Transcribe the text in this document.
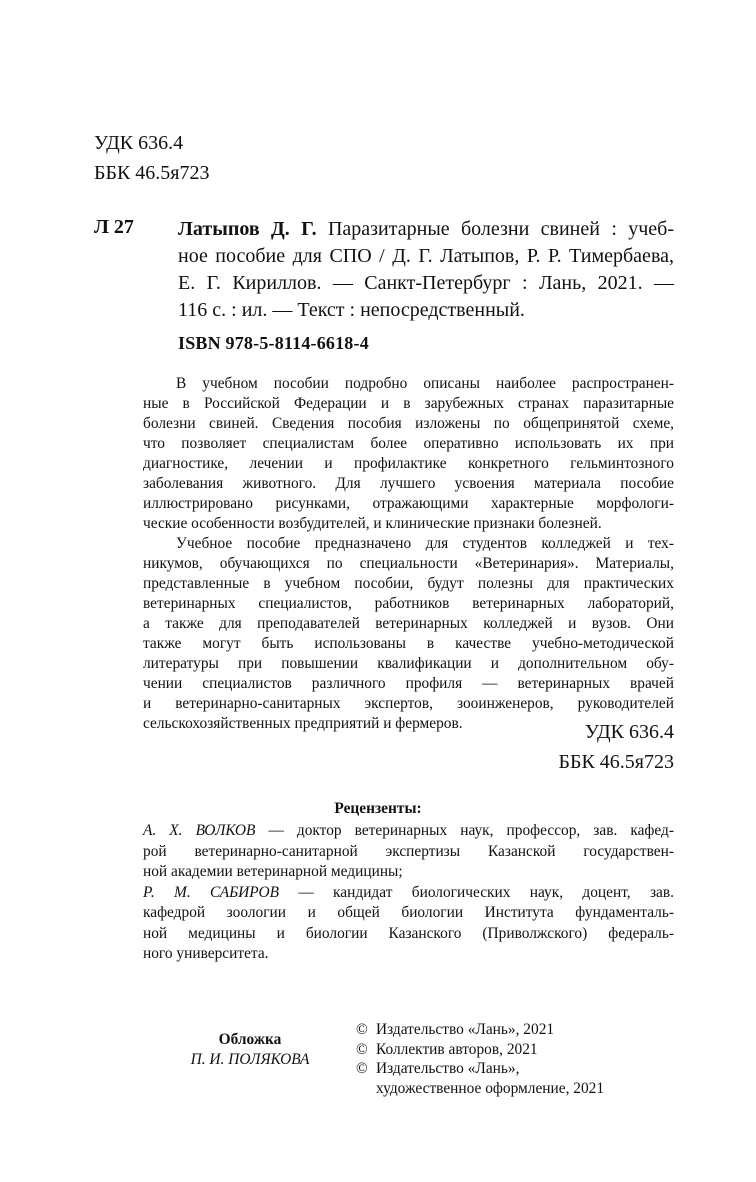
УДК 636.4
ББК 46.5я723
Л 27 Латыпов Д. Г. Паразитарные болезни свиней : учеб-
ное пособие для СПО / Д. Г. Латыпов, Р. Р. Тимербаева,
Е. Г. Кириллов. — Санкт-Петербург : Лань, 2021. —
116 с. : ил. — Текст : непосредственный.
ISBN 978-5-8114-6618-4
В учебном пособии подробно описаны наиболее распространен-
ные в Российской Федерации и в зарубежных странах паразитарные
болезни свиней. Сведения пособия изложены по общепринятой схеме,
что позволяет специалистам более оперативно использовать их при
диагностике, лечении и профилактике конкретного гельминтозного
заболевания животного. Для лучшего усвоения материала пособие
иллюстрировано рисунками, отражающими характерные морфологи-
ческие особенности возбудителей, и клинические признаки болезней.
Учебное пособие предназначено для студентов колледжей и тех-
никумов, обучающихся по специальности «Ветеринария». Материалы,
представленные в учебном пособии, будут полезны для практических
ветеринарных специалистов, работников ветеринарных лабораторий,
а также для преподавателей ветеринарных колледжей и вузов. Они
также могут быть использованы в качестве учебно-методической
литературы при повышении квалификации и дополнительном обу-
чении специалистов различного профиля — ветеринарных врачей
и ветеринарно-санитарных экспертов, зооинженеров, руководителей
сельскохозяйственных предприятий и фермеров.	УДК 636.4
ББК 46.5я723
Рецензенты:
А. Х. ВОЛКОВ — доктор ветеринарных наук, профессор, зав. кафед-
рой ветеринарно-санитарной экспертизы Казанской государствен-
ной академии ветеринарной медицины;
Р. М. САБИРОВ — кандидат биологических наук, доцент, зав.
кафедрой зоологии и общей биологии Института фундаменталь-
ной медицины и биологии Казанского (Приволжского) федераль-
ного университета.
Обложка
П. И. ПОЛЯКОВА
© Издательство «Лань», 2021
© Коллектив авторов, 2021
© Издательство «Лань»,
художественное оформление, 2021
